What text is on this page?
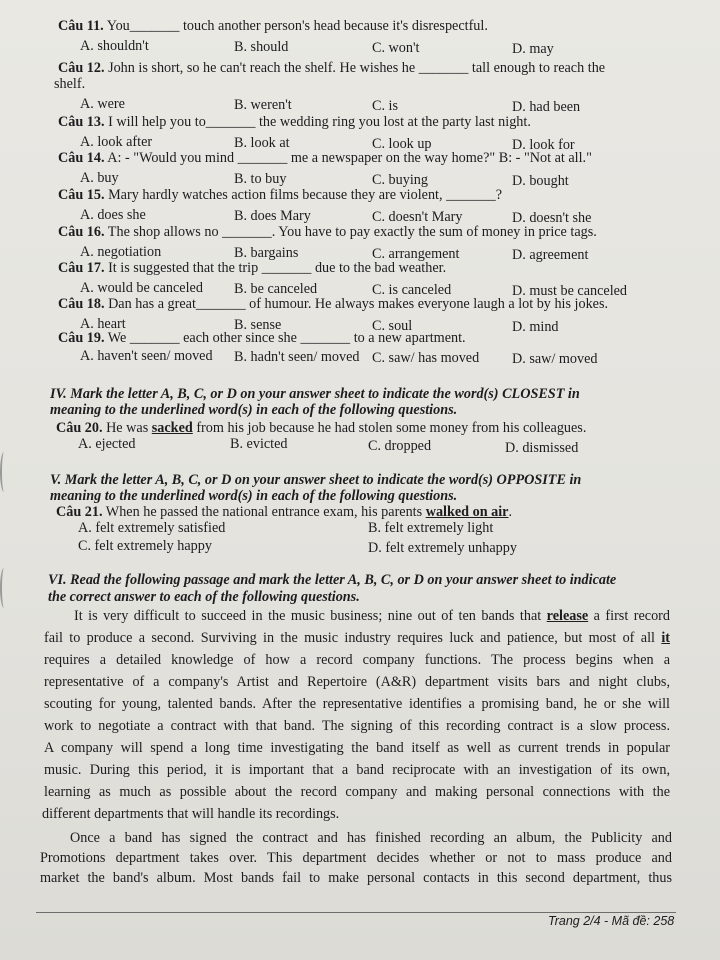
Câu 11. You_______ touch another person's head because it's disrespectful.
A. shouldn't	B. should	C. won't	D. may
Câu 12. John is short, so he can't reach the shelf. He wishes he _______ tall enough to reach the
shelf.
A. were	B. weren't	C. is	D. had been
Câu 13. I will help you to_______ the wedding ring you lost at the party last night.
A. look after	B. look at	C. look up	D. look for
Câu 14. A: - "Would you mind _______ me a newspaper on the way home?" B: - "Not at all."
A. buy	B. to buy	C. buying	D. bought
Câu 15. Mary hardly watches action films because they are violent, _______?
A. does she	B. does Mary	C. doesn't Mary	D. doesn't she
Câu 16. The shop allows no _______. You have to pay exactly the sum of money in price tags.
A. negotiation	B. bargains	C. arrangement	D. agreement
Câu 17. It is suggested that the trip _______ due to the bad weather.
A. would be canceled B. be canceled	C. is canceled	D. must be canceled
Câu 18. Dan has a great_______ of humour. He always makes everyone laugh a lot by his jokes.
A. heart	B. sense	C. soul	D. mind
Câu 19. We _______ each other since she _______ to a new apartment.
A. haven't seen/ moved B. hadn't seen/ moved C. saw/ has moved D. saw/ moved
IV. Mark the letter A, B, C, or D on your answer sheet to indicate the word(s) CLOSEST in
meaning to the underlined word(s) in each of the following questions.
Câu 20. He was sacked from his job because he had stolen some money from his colleagues.
A. ejected	B. evicted	C. dropped	D. dismissed
V. Mark the letter A, B, C, or D on your answer sheet to indicate the word(s) OPPOSITE in
meaning to the underlined word(s) in each of the following questions.
Câu 21. When he passed the national entrance exam, his parents walked on air.
A. felt extremely satisfied	B. felt extremely light
C. felt extremely happy	D. felt extremely unhappy
VI. Read the following passage and mark the letter A, B, C, or D on your answer sheet to indicate
the correct answer to each of the following questions.
It is very difficult to succeed in the music business; nine out of ten bands that release a first record
fail to produce a second. Surviving in the music industry requires luck and patience, but most of all it
requires a detailed knowledge of how a record company functions. The process begins when a
representative of a company's Artist and Repertoire (A&R) department visits bars and night clubs,
scouting for young, talented bands. After the representative identifies a promising band, he or she will
work to negotiate a contract with that band. The signing of this recording contract is a slow process.
A company will spend a long time investigating the band itself as well as current trends in popular
music. During this period, it is important that a band reciprocate with an investigation of its own,
learning as much as possible about the record company and making personal connections with the
different departments that will handle its recordings.
Once a band has signed the contract and has finished recording an album, the Publicity and
Promotions department takes over. This department decides whether or not to mass produce and
market the band's album. Most bands fail to make personal contacts in this second department, thus
Trang 2/4 - Mã đề: 258
